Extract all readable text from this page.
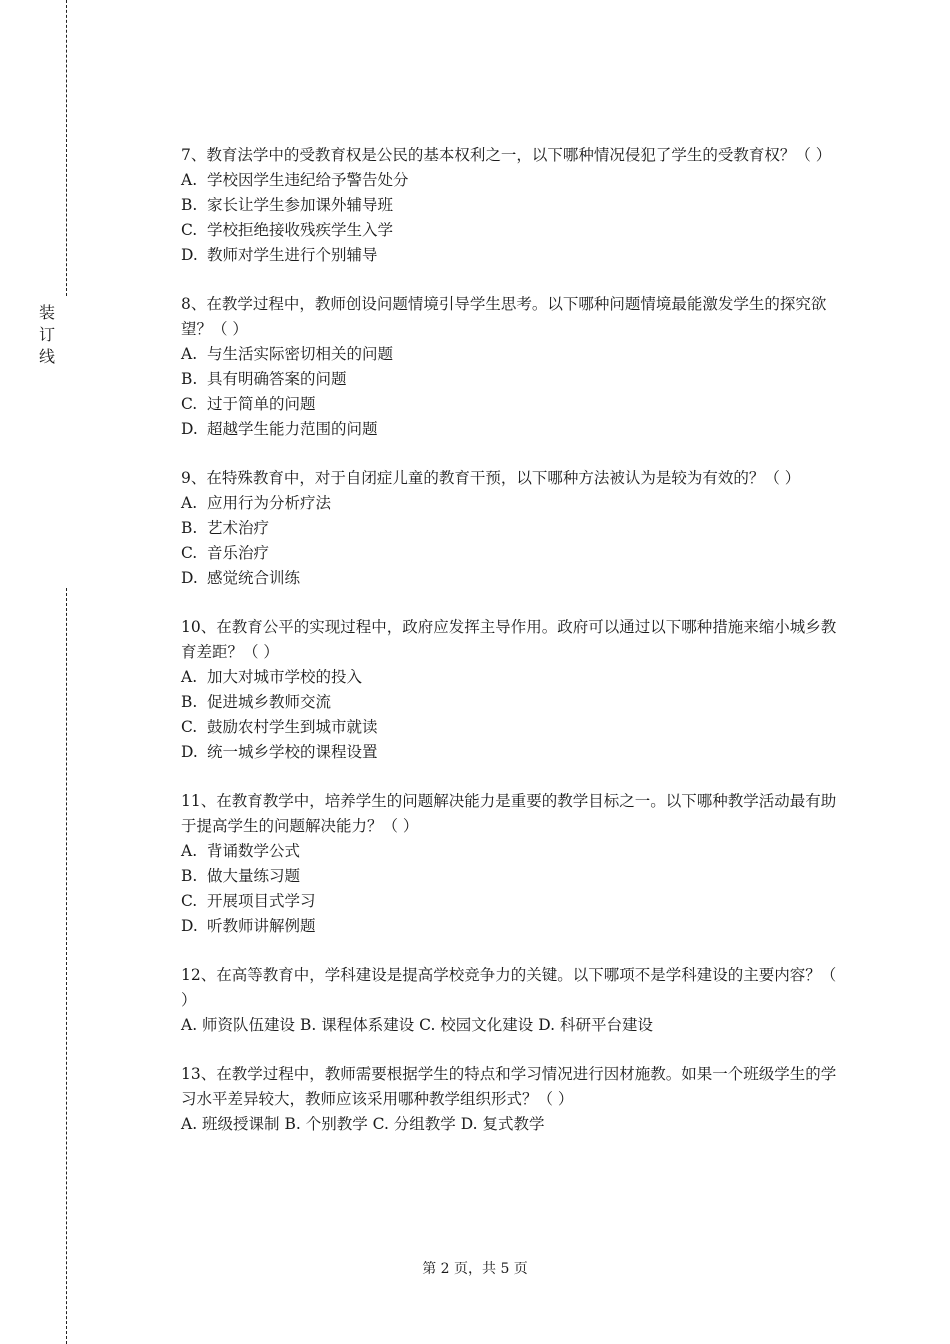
装
订
线

7、教育法学中的受教育权是公民的基本权利之一，以下哪种情况侵犯了学生的受教育权？（ ）

A. 学校因学生违纪给予警告处分

B. 家长让学生参加课外辅导班

C. 学校拒绝接收残疾学生入学

D. 教师对学生进行个别辅导

8、在教学过程中，教师创设问题情境引导学生思考。以下哪种问题情境最能激发学生的探究欲望？（ ）

A. 与生活实际密切相关的问题

B. 具有明确答案的问题

C. 过于简单的问题

D. 超越学生能力范围的问题

9、在特殊教育中，对于自闭症儿童的教育干预，以下哪种方法被认为是较为有效的？（ ）

A. 应用行为分析疗法

B. 艺术治疗

C. 音乐治疗

D. 感觉统合训练

10、在教育公平的实现过程中，政府应发挥主导作用。政府可以通过以下哪种措施来缩小城乡教育差距？（ ）

A. 加大对城市学校的投入

B. 促进城乡教师交流

C. 鼓励农村学生到城市就读

D. 统一城乡学校的课程设置

11、在教育教学中，培养学生的问题解决能力是重要的教学目标之一。以下哪种教学活动最有助于提高学生的问题解决能力？（ ）

A. 背诵数学公式

B. 做大量练习题

C. 开展项目式学习

D. 听教师讲解例题

12、在高等教育中，学科建设是提高学校竞争力的关键。以下哪项不是学科建设的主要内容？（ ）

A. 师资队伍建设 B. 课程体系建设 C. 校园文化建设 D. 科研平台建设

13、在教学过程中，教师需要根据学生的特点和学习情况进行因材施教。如果一个班级学生的学习水平差异较大，教师应该采用哪种教学组织形式？（ ）

A. 班级授课制 B. 个别教学 C. 分组教学 D. 复式教学

第 2 页，共 5 页
